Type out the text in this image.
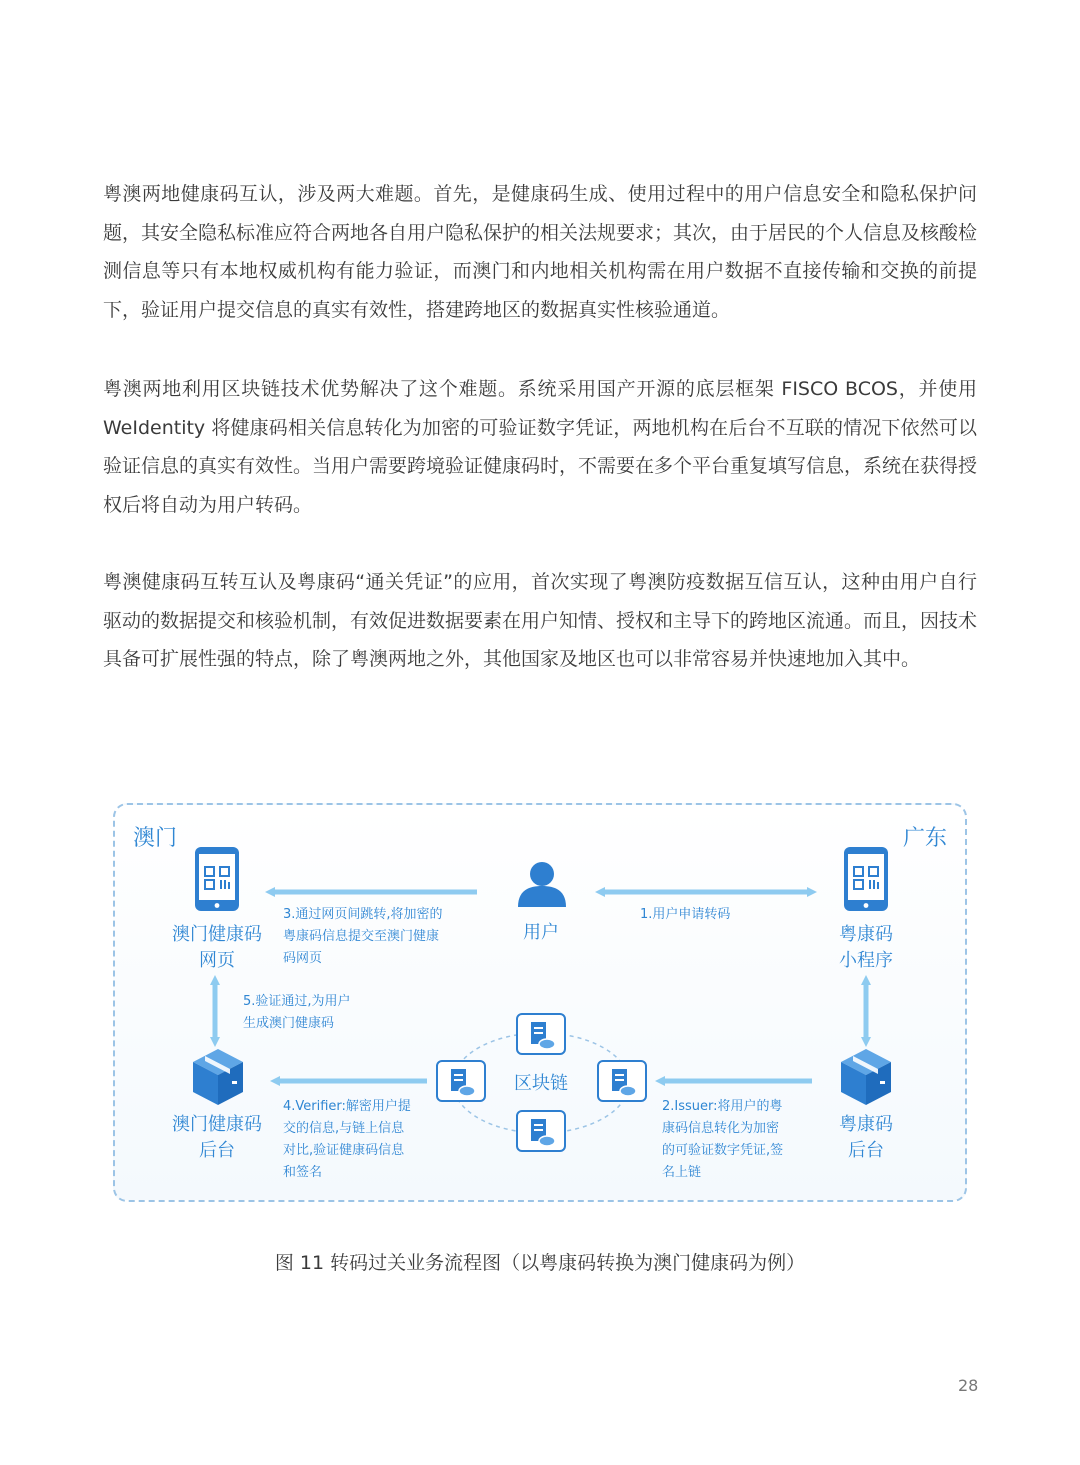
粤澳两地健康码互认，涉及两大难题。首先，是健康码生成、使用过程中的用户信息安全和隐私保护问题，其安全隐私标准应符合两地各自用户隐私保护的相关法规要求；其次，由于居民的个人信息及核酸检测信息等只有本地权威机构有能力验证，而澳门和内地相关机构需在用户数据不直接传输和交换的前提下，验证用户提交信息的真实有效性，搭建跨地区的数据真实性核验通道。

粤澳两地利用区块链技术优势解决了这个难题。系统采用国产开源的底层框架 FISCO BCOS，并使用 WeIdentity 将健康码相关信息转化为加密的可验证数字凭证，两地机构在后台不互联的情况下依然可以验证信息的真实有效性。当用户需要跨境验证健康码时，不需要在多个平台重复填写信息，系统在获得授权后将自动为用户转码。

粤澳健康码互转互认及粤康码“通关凭证”的应用，首次实现了粤澳防疫数据互信互认，这种由用户自行驱动的数据提交和核验机制，有效促进数据要素在用户知情、授权和主导下的跨地区流通。而且，因技术具备可扩展性强的特点，除了粤澳两地之外，其他国家及地区也可以非常容易并快速地加入其中。

澳门	广东
澳门健康码
网页
用户	粤康码
小程序
澳门健康码
后台
区块链
粤康码
后台
1.用户申请转码
3.通过网页间跳转,将加密的
粤康码信息提交至澳门健康
码网页
5.验证通过,为用户
生成澳门健康码
4.Verifier:解密用户提
交的信息,与链上信息
对比,验证健康码信息
和签名
2.Issuer:将用户的粤
康码信息转化为加密
的可验证数字凭证,签
名上链
图 11 转码过关业务流程图（以粤康码转换为澳门健康码为例）
28
